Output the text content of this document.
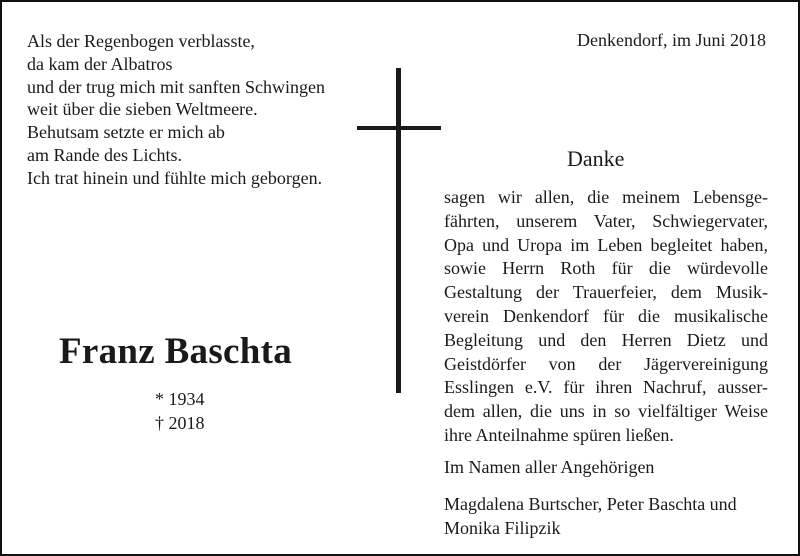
Als der Regenbogen verblasste,
da kam der Albatros
und der trug mich mit sanften Schwingen
weit über die sieben Weltmeere.
Behutsam setzte er mich ab
am Rande des Lichts.
Ich trat hinein und fühlte mich geborgen.
Denkendorf, im Juni 2018
Franz Baschta
* 1934
† 2018
Danke
sagen wir allen, die meinem Lebensge-
fährten, unserem Vater, Schwiegervater,
Opa und Uropa im Leben begleitet haben,
sowie Herrn Roth für die würdevolle
Gestaltung der Trauerfeier, dem Musik-
verein Denkendorf für die musikalische
Begleitung und den Herren Dietz und
Geistdörfer von der Jägervereinigung
Esslingen e.V. für ihren Nachruf, ausser-
dem allen, die uns in so vielfältiger Weise
ihre Anteilnahme spüren ließen.
Im Namen aller Angehörigen
Magdalena Burtscher, Peter Baschta und
Monika Filipzik
